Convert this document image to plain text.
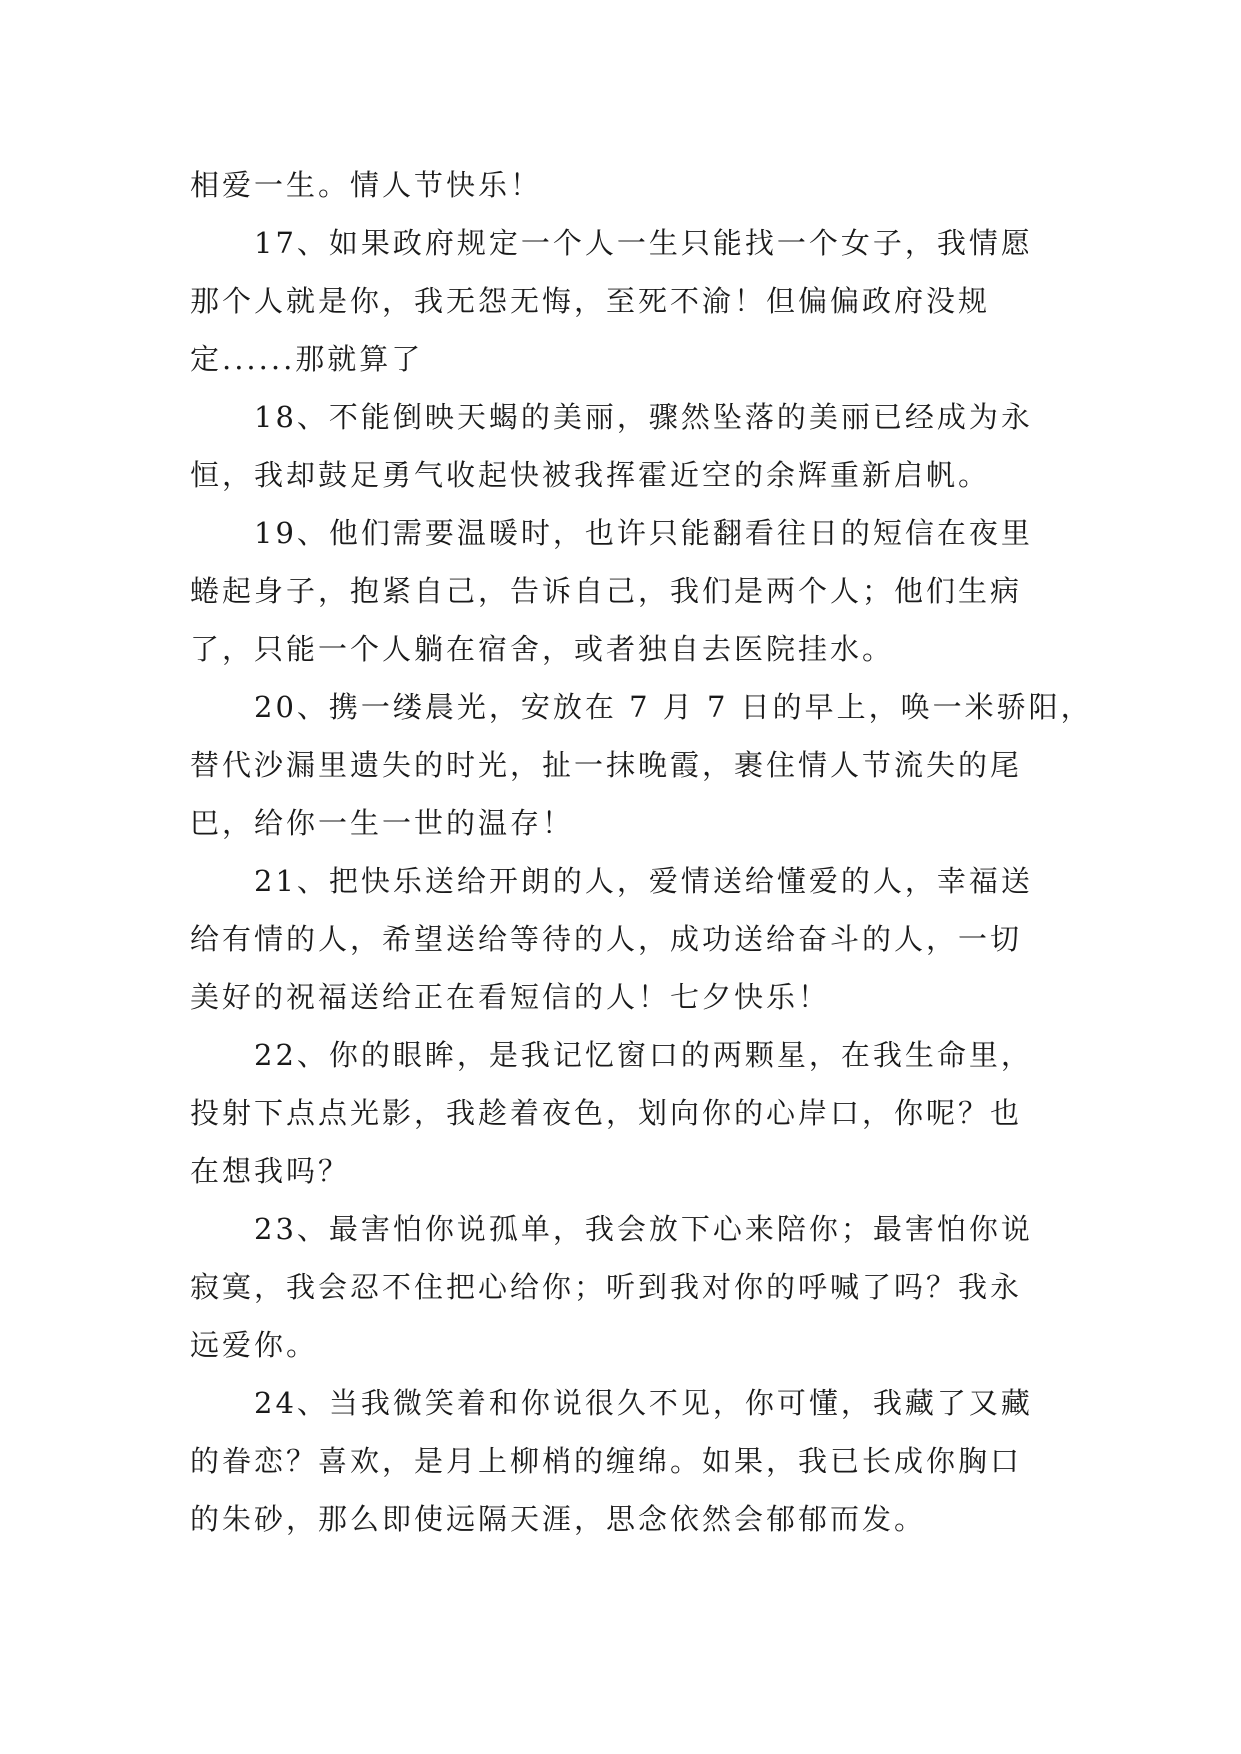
相爱一生。情人节快乐！
17、如果政府规定一个人一生只能找一个女子，我情愿
那个人就是你，我无怨无悔，至死不渝！但偏偏政府没规
定......那就算了
18、不能倒映天蝎的美丽，骤然坠落的美丽已经成为永
恒，我却鼓足勇气收起快被我挥霍近空的余辉重新启帆。
19、他们需要温暖时，也许只能翻看往日的短信在夜里
蜷起身子，抱紧自己，告诉自己，我们是两个人；他们生病
了，只能一个人躺在宿舍，或者独自去医院挂水。
20、携一缕晨光，安放在 7 月 7 日的早上，唤一米骄阳，
替代沙漏里遗失的时光，扯一抹晚霞，裹住情人节流失的尾
巴，给你一生一世的温存！
21、把快乐送给开朗的人，爱情送给懂爱的人，幸福送
给有情的人，希望送给等待的人，成功送给奋斗的人，一切
美好的祝福送给正在看短信的人！七夕快乐！
22、你的眼眸，是我记忆窗口的两颗星，在我生命里，
投射下点点光影，我趁着夜色，划向你的心岸口，你呢？也
在想我吗？
23、最害怕你说孤单，我会放下心来陪你；最害怕你说
寂寞，我会忍不住把心给你；听到我对你的呼喊了吗？我永
远爱你。
24、当我微笑着和你说很久不见，你可懂，我藏了又藏
的眷恋？喜欢，是月上柳梢的缠绵。如果，我已长成你胸口
的朱砂，那么即使远隔天涯，思念依然会郁郁而发。
